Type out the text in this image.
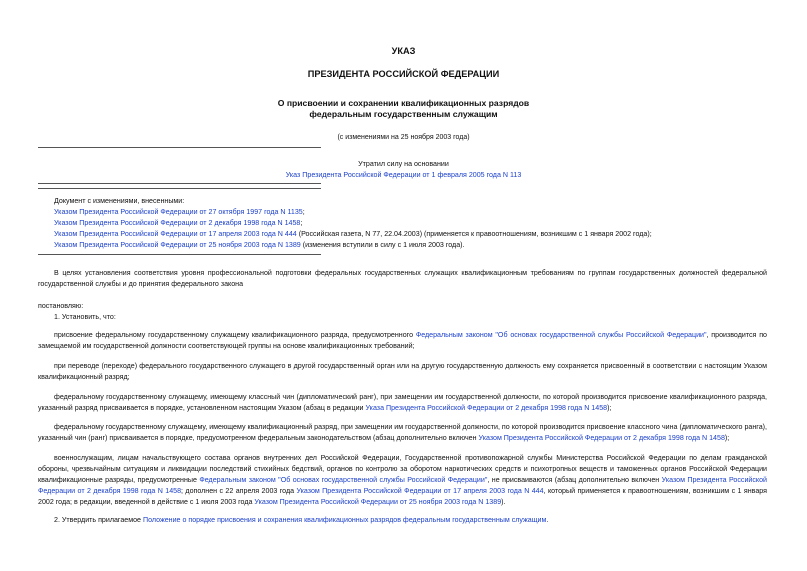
УКАЗ
ПРЕЗИДЕНТА РОССИЙСКОЙ ФЕДЕРАЦИИ
О присвоении и сохранении квалификационных разрядов
федеральным государственным служащим
(с изменениями на 25 ноября 2003 года)
Утратил силу на основании
Указ Президента Российской Федерации от 1 февраля 2005 года N 113
Документ с изменениями, внесенными:
Указом Президента Российской Федерации от 27 октября 1997 года N 1135;
Указом Президента Российской Федерации от 2 декабря 1998 года N 1458;
Указом Президента Российской Федерации от 17 апреля 2003 года N 444 (Российская газета, N 77, 22.04.2003) (применяется к правоотношениям, возникшим с 1 января 2002 года);
Указом Президента Российской Федерации от 25 ноября 2003 года N 1389 (изменения вступили в силу с 1 июля 2003 года).
В целях установления соответствия уровня профессиональной подготовки федеральных государственных служащих квалификационным требованиям по группам государственных должностей федеральной государственной службы и до принятия федерального закона
постановляю:
1. Установить, что:
присвоение федеральному государственному служащему квалификационного разряда, предусмотренного Федеральным законом "Об основах государственной службы Российской Федерации", производится по замещаемой им государственной должности соответствующей группы на основе квалификационных требований;
при переводе (переходе) федерального государственного служащего в другой государственный орган или на другую государственную должность ему сохраняется присвоенный в соответствии с настоящим Указом квалификационный разряд;
федеральному государственному служащему, имеющему классный чин (дипломатический ранг), при замещении им государственной должности, по которой производится присвоение квалификационного разряда, указанный разряд присваивается в порядке, установленном настоящим Указом (абзац в редакции Указа Президента Российской Федерации от 2 декабря 1998 года N 1458);
федеральному государственному служащему, имеющему квалификационный разряд, при замещении им государственной должности, по которой производится присвоение классного чина (дипломатического ранга), указанный чин (ранг) присваивается в порядке, предусмотренном федеральным законодательством (абзац дополнительно включен Указом Президента Российской Федерации от 2 декабря 1998 года N 1458);
военнослужащим, лицам начальствующего состава органов внутренних дел Российской Федерации, Государственной противопожарной службы Министерства Российской Федерации по делам гражданской обороны, чрезвычайным ситуациям и ликвидации последствий стихийных бедствий, органов по контролю за оборотом наркотических средств и психотропных веществ и таможенных органов Российской Федерации квалификационные разряды, предусмотренные Федеральным законом "Об основах государственной службы Российской Федерации", не присваиваются (абзац дополнительно включен Указом Президента Российской Федерации от 2 декабря 1998 года N 1458; дополнен с 22 апреля 2003 года Указом Президента Российской Федерации от 17 апреля 2003 года N 444, который применяется к правоотношениям, возникшим с 1 января 2002 года; в редакции, введенной в действие с 1 июля 2003 года Указом Президента Российской Федерации от 25 ноября 2003 года N 1389).
2. Утвердить прилагаемое Положение о порядке присвоения и сохранения квалификационных разрядов федеральным государственным служащим.
